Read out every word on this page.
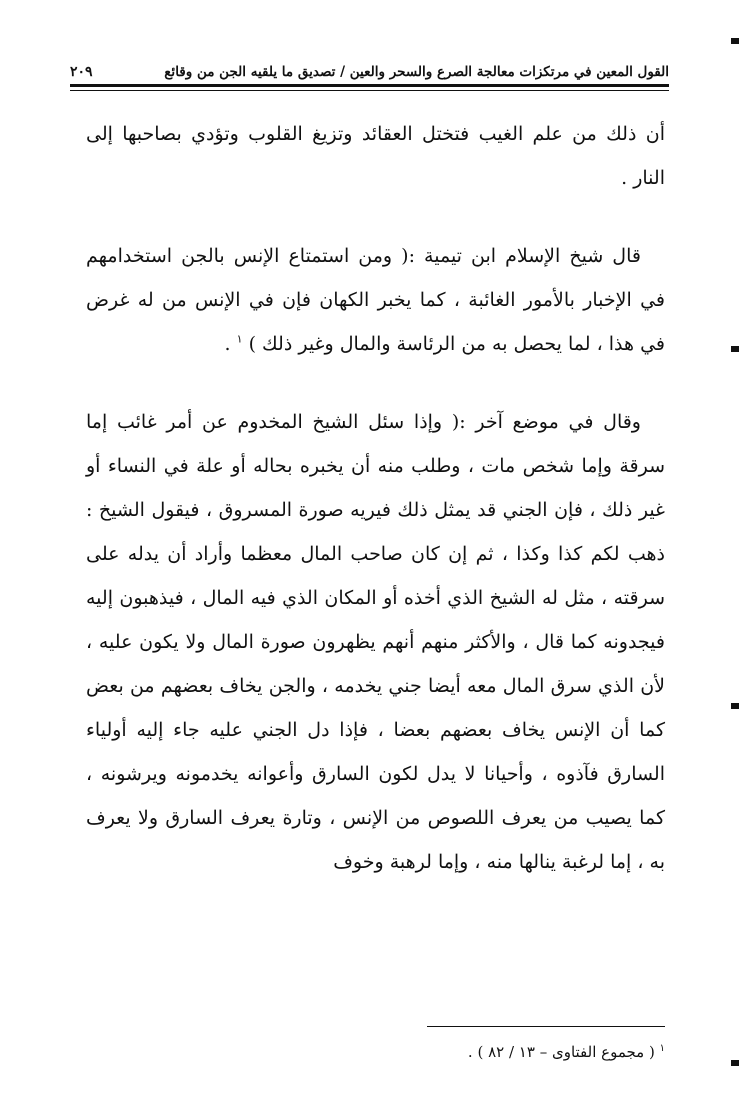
القول المعين في مرتكزات معالجة الصرع والسحر والعين / تصديق ما يلقيه الجن من وقائع
٢٠٩

أن ذلك من علم الغيب فتختل العقائد وتزيغ القلوب وتؤدي بصاحبها إلى النار .

قال شيخ الإسلام ابن تيمية :( ومن استمتاع الإنس بالجن استخدامهم في الإخبار بالأمور الغائبة ، كما يخبر الكهان فإن في الإنس من له غرض في هذا ، لما يحصل به من الرئاسة والمال وغير ذلك ) $^١$ .

وقال في موضع آخر :( وإذا سئل الشيخ المخدوم عن أمر غائب إما سرقة وإما شخص مات ، وطلب منه أن يخبره بحاله أو علة في النساء أو غير ذلك ، فإن الجني قد يمثل ذلك فيريه صورة المسروق ، فيقول الشيخ : ذهب لكم كذا وكذا ، ثم إن كان صاحب المال معظما وأراد أن يدله على سرقته ، مثل له الشيخ الذي أخذه أو المكان الذي فيه المال ، فيذهبون إليه فيجدونه كما قال ، والأكثر منهم أنهم يظهرون صورة المال ولا يكون عليه ، لأن الذي سرق المال معه أيضا جني يخدمه ، والجن يخاف بعضهم من بعض كما أن الإنس يخاف بعضهم بعضا ، فإذا دل الجني عليه جاء إليه أولياء السارق فآذوه ، وأحيانا لا يدل لكون السارق وأعوانه يخدمونه ويرشونه ، كما يصيب من يعرف اللصوص من الإنس ، وتارة يعرف السارق ولا يعرف به ، إما لرغبة ينالها منه ، وإما لرهبة وخوف

$^١$ ( مجموع الفتاوى – ١٣ / ٨٢ ) .
